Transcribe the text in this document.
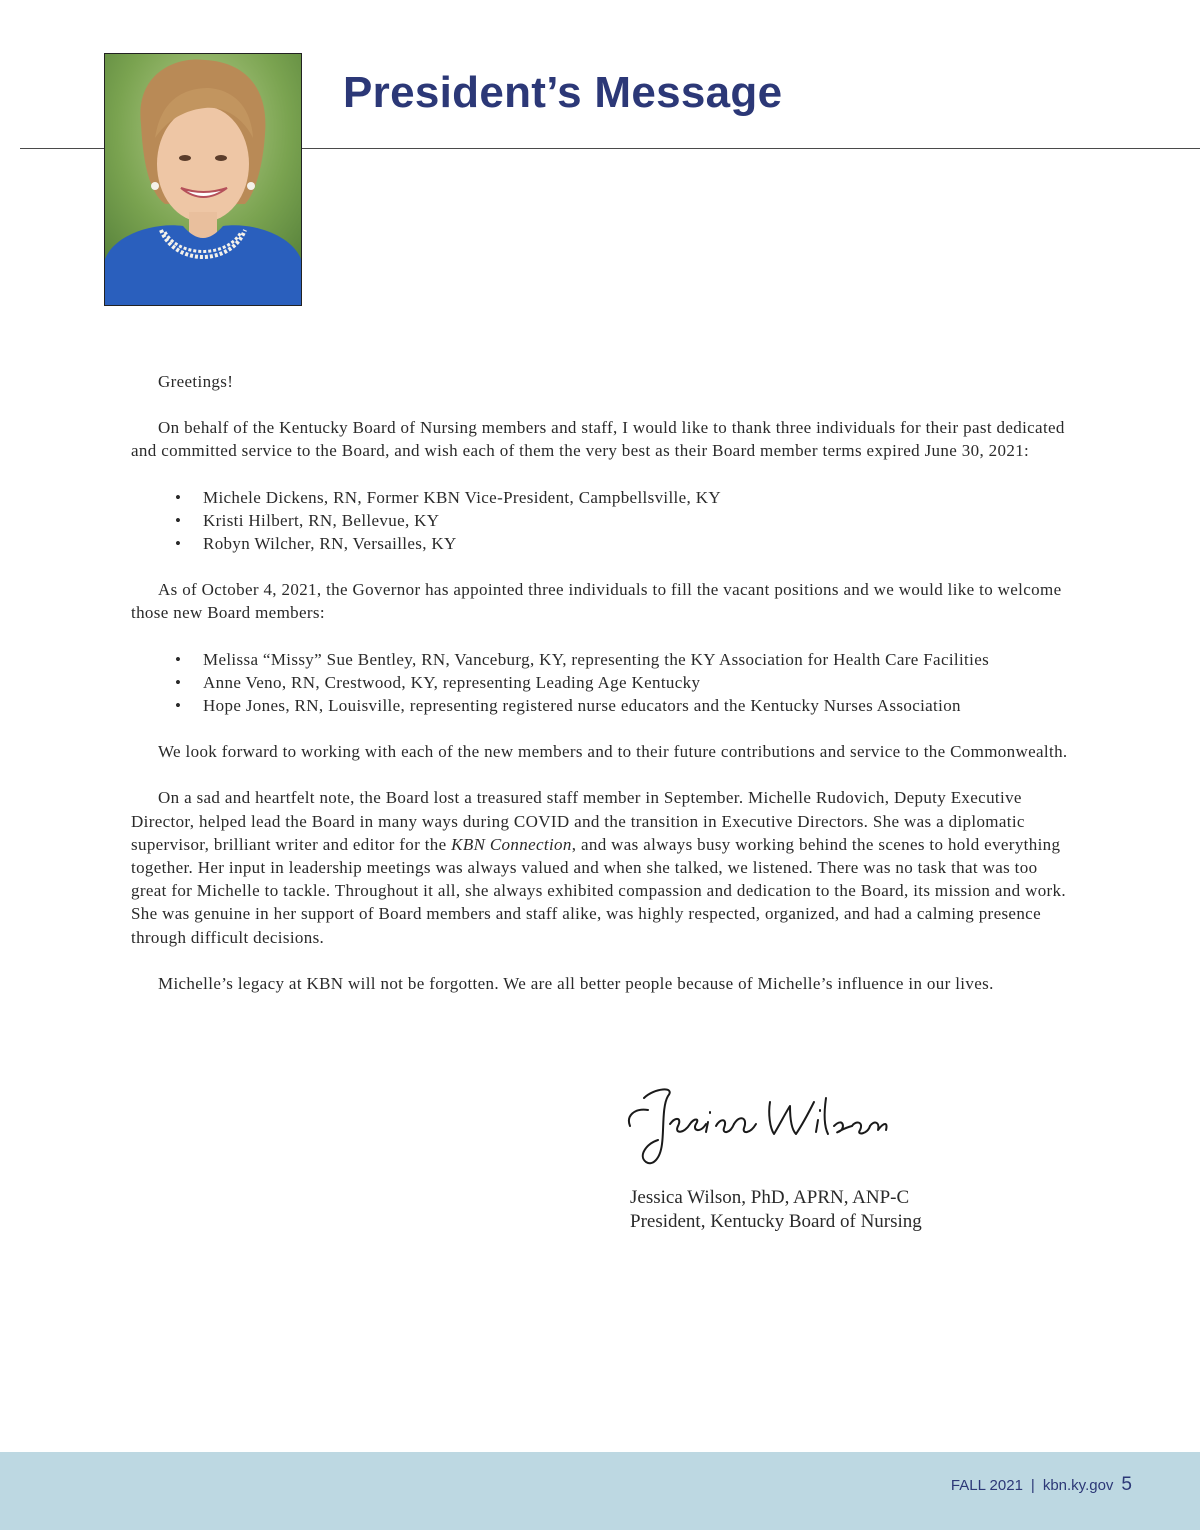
President’s Message

Greetings!

On behalf of the Kentucky Board of Nursing members and staff, I would like to thank three individuals for their past dedicated and committed service to the Board, and wish each of them the very best as their Board member terms expired June 30, 2021:

• Michele Dickens, RN, Former KBN Vice-President, Campbellsville, KY
• Kristi Hilbert, RN, Bellevue, KY
• Robyn Wilcher, RN, Versailles, KY

As of October 4, 2021, the Governor has appointed three individuals to fill the vacant positions and we would like to welcome those new Board members:

• Melissa “Missy” Sue Bentley, RN, Vanceburg, KY, representing the KY Association for Health Care Facilities
• Anne Veno, RN, Crestwood, KY, representing Leading Age Kentucky
• Hope Jones, RN, Louisville, representing registered nurse educators and the Kentucky Nurses Association

We look forward to working with each of the new members and to their future contributions and service to the Commonwealth.

On a sad and heartfelt note, the Board lost a treasured staff member in September. Michelle Rudovich, Deputy Executive Director, helped lead the Board in many ways during COVID and the transition in Executive Directors. She was a diplomatic supervisor, brilliant writer and editor for the KBN Connection, and was always busy working behind the scenes to hold everything together. Her input in leadership meetings was always valued and when she talked, we listened. There was no task that was too great for Michelle to tackle. Throughout it all, she always exhibited compassion and dedication to the Board, its mission and work. She was genuine in her support of Board members and staff alike, was highly respected, organized, and had a calming presence through difficult decisions.

Michelle’s legacy at KBN will not be forgotten. We are all better people because of Michelle’s influence in our lives.

Jessica Wilson
Jessica Wilson, PhD, APRN, ANP-C
President, Kentucky Board of Nursing
FALL 2021 | kbn.ky.gov 5
